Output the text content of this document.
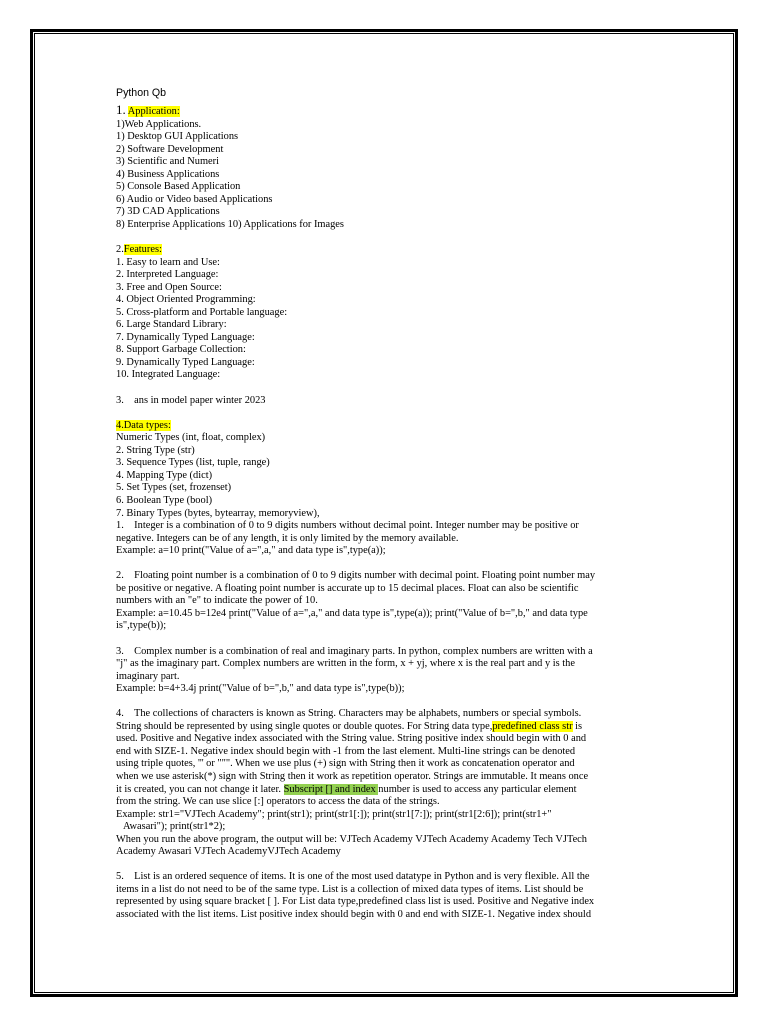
Python Qb
1. Application:
1)Web Applications.
1) Desktop GUI Applications
2) Software Development
3) Scientific and Numeri
4) Business Applications
5) Console Based Application
6) Audio or Video based Applications
7) 3D CAD Applications
8) Enterprise Applications 10) Applications for Images
2.Features:
1. Easy to learn and Use:
2. Interpreted Language:
3. Free and Open Source:
4. Object Oriented Programming:
5. Cross-platform and Portable language:
6. Large Standard Library:
7. Dynamically Typed Language:
8. Support Garbage Collection:
9. Dynamically Typed Language:
10. Integrated Language:
3.    ans in model paper winter 2023
4.Data types:
Numeric Types (int, float, complex)
2. String Type (str)
3. Sequence Types (list, tuple, range)
4. Mapping Type (dict)
5. Set Types (set, frozenset)
6. Boolean Type (bool)
7. Binary Types (bytes, bytearray, memoryview),
1.    Integer is a combination of 0 to 9 digits numbers without decimal point. Integer number may be positive or
negative. Integers can be of any length, it is only limited by the memory available.
Example: a=10 print("Value of a=",a," and data type is",type(a));
2.    Floating point number is a combination of 0 to 9 digits number with decimal point. Floating point number may
be positive or negative. A floating point number is accurate up to 15 decimal places. Float can also be scientific
numbers with an "e" to indicate the power of 10.
Example: a=10.45 b=12e4 print("Value of a=",a," and data type is",type(a)); print("Value of b=",b," and data type
is",type(b));
3.    Complex number is a combination of real and imaginary parts. In python, complex numbers are written with a
"j" as the imaginary part. Complex numbers are written in the form, x + yj, where x is the real part and y is the
imaginary part.
Example: b=4+3.4j print("Value of b=",b," and data type is",type(b));
4.    The collections of characters is known as String. Characters may be alphabets, numbers or special symbols.
String should be represented by using single quotes or double quotes. For String data type,predefined class str is
used. Positive and Negative index associated with the String value. String positive index should begin with 0 and
end with SIZE-1. Negative index should begin with -1 from the last element. Multi-line strings can be denoted
using triple quotes, ''' or """. When we use plus (+) sign with String then it work as concatenation operator and
when we use asterisk(*) sign with String then it work as repetition operator. Strings are immutable. It means once
it is created, you can not change it later. Subscript [] and index number is used to access any particular element
from the string. We can use slice [:] operators to access the data of the strings.
Example: str1="VJTech Academy"; print(str1); print(str1[:]); print(str1[7:]); print(str1[2:6]); print(str1+"
Awasari"); print(str1*2);
When you run the above program, the output will be: VJTech Academy VJTech Academy Academy Tech VJTech
Academy Awasari VJTech AcademyVJTech Academy
5.    List is an ordered sequence of items. It is one of the most used datatype in Python and is very flexible. All the
items in a list do not need to be of the same type. List is a collection of mixed data types of items. List should be
represented by using square bracket [ ]. For List data type,predefined class list is used. Positive and Negative index
associated with the list items. List positive index should begin with 0 and end with SIZE-1. Negative index should
